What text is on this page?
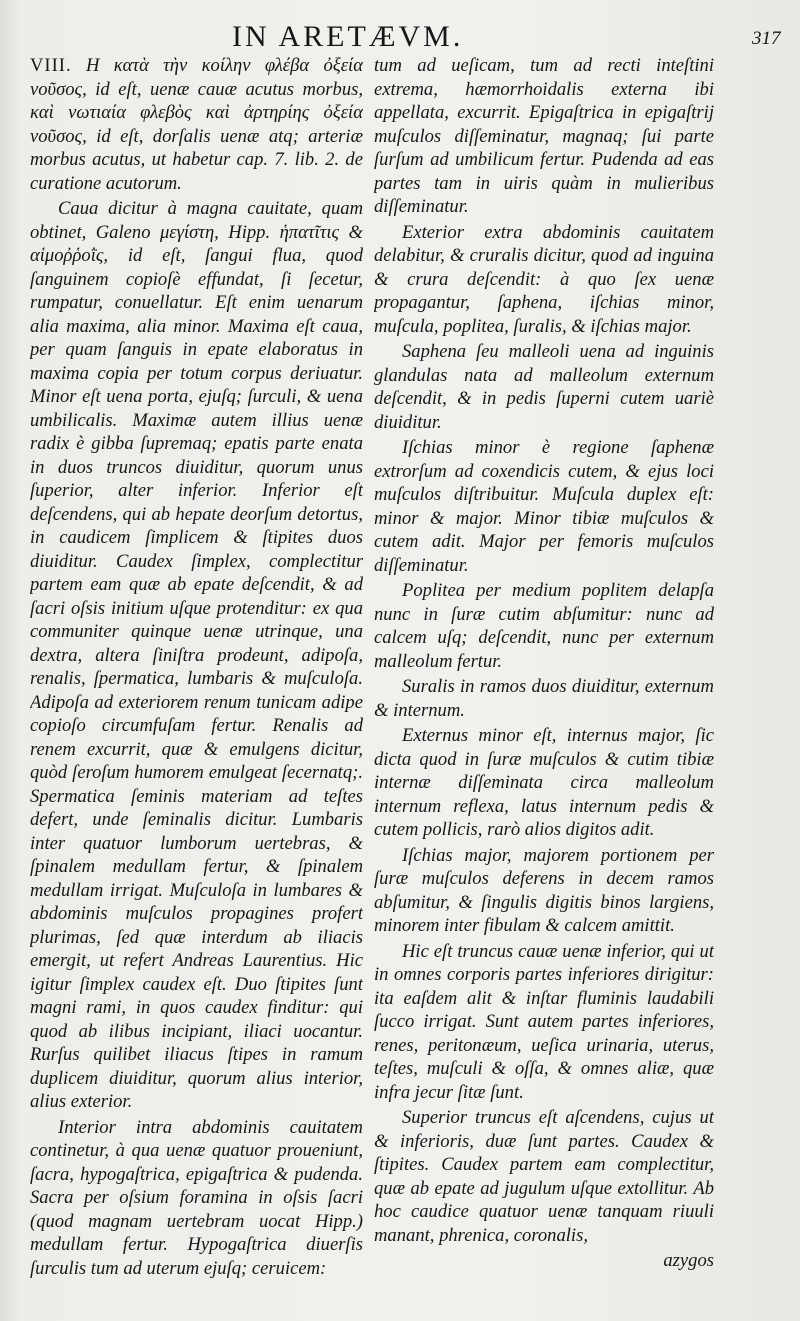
IN ARETÆVM.	317

VIII. Η κατὰ τὴν κοίλην φλέβα ὀξεία νοῦσος, id eſt, uenæ cauæ acutus morbus, καὶ νωτιαία φλεβὸς καὶ ἀρτηρίης ὀξεία νοῦσος, id eſt, dorſalis uenæ atq; arteriæ morbus acutus, ut habetur cap. 7. lib. 2. de curatione acutorum.

Caua dicitur à magna cauitate, quam obtinet, Galeno μεγίστη, Hipp. ἡπατῖτις & αἱμοῤῥοῒς, id eſt, ſangui flua, quod ſanguinem copioſè effundat, ſi ſecetur, rumpatur, conuellatur. Eſt enim uenarum alia maxima, alia minor. Maxima eſt caua, per quam ſanguis in epate elaboratus in maxima copia per totum corpus deriuatur. Minor eſt uena porta, ejuſq; ſurculi, & uena umbilicalis. Maximæ autem illius uenæ radix è gibba ſupremaq; epatis parte enata in duos truncos diuiditur, quorum unus ſuperior, alter inferior. Inferior eſt deſcendens, qui ab hepate deorſum detortus, in caudicem ſimplicem & ſtipites duos diuiditur. Caudex ſimplex, complectitur partem eam quæ ab epate deſcendit, & ad ſacri oſsis initium uſque protenditur: ex qua communiter quinque uenæ utrinque, una dextra, altera ſiniſtra prodeunt, adipoſa, renalis, ſpermatica, lumbaris & muſculoſa. Adipoſa ad exteriorem renum tunicam adipe copioſo circumfuſam fertur. Renalis ad renem excurrit, quæ & emulgens dicitur, quòd ſeroſum humorem emulgeat ſecernatq;. Spermatica ſeminis materiam ad teſtes defert, unde ſeminalis dicitur. Lumbaris inter quatuor lumborum uertebras, & ſpinalem medullam fertur, & ſpinalem medullam irrigat. Muſculoſa in lumbares & abdominis muſculos propagines profert plurimas, ſed quæ interdum ab iliacis emergit, ut refert Andreas Laurentius. Hic igitur ſimplex caudex eſt. Duo ſtipites ſunt magni rami, in quos caudex finditur: qui quod ab ilibus incipiant, iliaci uocantur. Rurſus quilibet iliacus ſtipes in ramum duplicem diuiditur, quorum alius interior, alius exterior.

Interior intra abdominis cauitatem continetur, à qua uenæ quatuor proueniunt, ſacra, hypogaſtrica, epigaſtrica & pudenda. Sacra per oſsium foramina in oſsis ſacri (quod magnam uertebram uocat Hipp.) medullam fertur. Hypogaſtrica diuerſis ſurculis tum ad uterum ejuſq; ceruicem:

tum ad ueſicam, tum ad recti inteſtini extrema, hæmorrhoidalis externa ibi appellata, excurrit. Epigaſtrica in epigaſtrij muſculos diſſeminatur, magnaq; ſui parte ſurſum ad umbilicum fertur. Pudenda ad eas partes tam in uiris quàm in mulieribus diſſeminatur.

Exterior extra abdominis cauitatem delabitur, & cruralis dicitur, quod ad inguina & crura deſcendit: à quo ſex uenæ propagantur, ſaphena, iſchias minor, muſcula, poplitea, ſuralis, & iſchias major.

Saphena ſeu malleoli uena ad inguinis glandulas nata ad malleolum externum deſcendit, & in pedis ſuperni cutem uariè diuiditur.

Iſchias minor è regione ſaphenæ extrorſum ad coxendicis cutem, & ejus loci muſculos diſtribuitur. Muſcula duplex eſt: minor & major. Minor tibiæ muſculos & cutem adit. Major per femoris muſculos diſſeminatur.

Poplitea per medium poplitem delapſa nunc in ſuræ cutim abſumitur: nunc ad calcem uſq; deſcendit, nunc per externum malleolum fertur.

Suralis in ramos duos diuiditur, externum & internum.

Externus minor eſt, internus major, ſic dicta quod in ſuræ muſculos & cutim tibiæ internæ diſſeminata circa malleolum internum reflexa, latus internum pedis & cutem pollicis, rarò alios digitos adit.

Iſchias major, majorem portionem per ſuræ muſculos deferens in decem ramos abſumitur, & ſingulis digitis binos largiens, minorem inter fibulam & calcem amittit.

Hic eſt truncus cauæ uenæ inferior, qui ut in omnes corporis partes inferiores dirigitur: ita eaſdem alit & inſtar fluminis laudabili ſucco irrigat. Sunt autem partes inferiores, renes, peritonæum, ueſica urinaria, uterus, teſtes, muſculi & oſſa, & omnes aliæ, quæ infra jecur ſitæ ſunt.

Superior truncus eſt aſcendens, cujus ut & inferioris, duæ ſunt partes. Caudex & ſtipites. Caudex partem eam complectitur, quæ ab epate ad jugulum uſque extollitur. Ab hoc caudice quatuor uenæ tanquam riuuli manant, phrenica, coronalis,

azygos
